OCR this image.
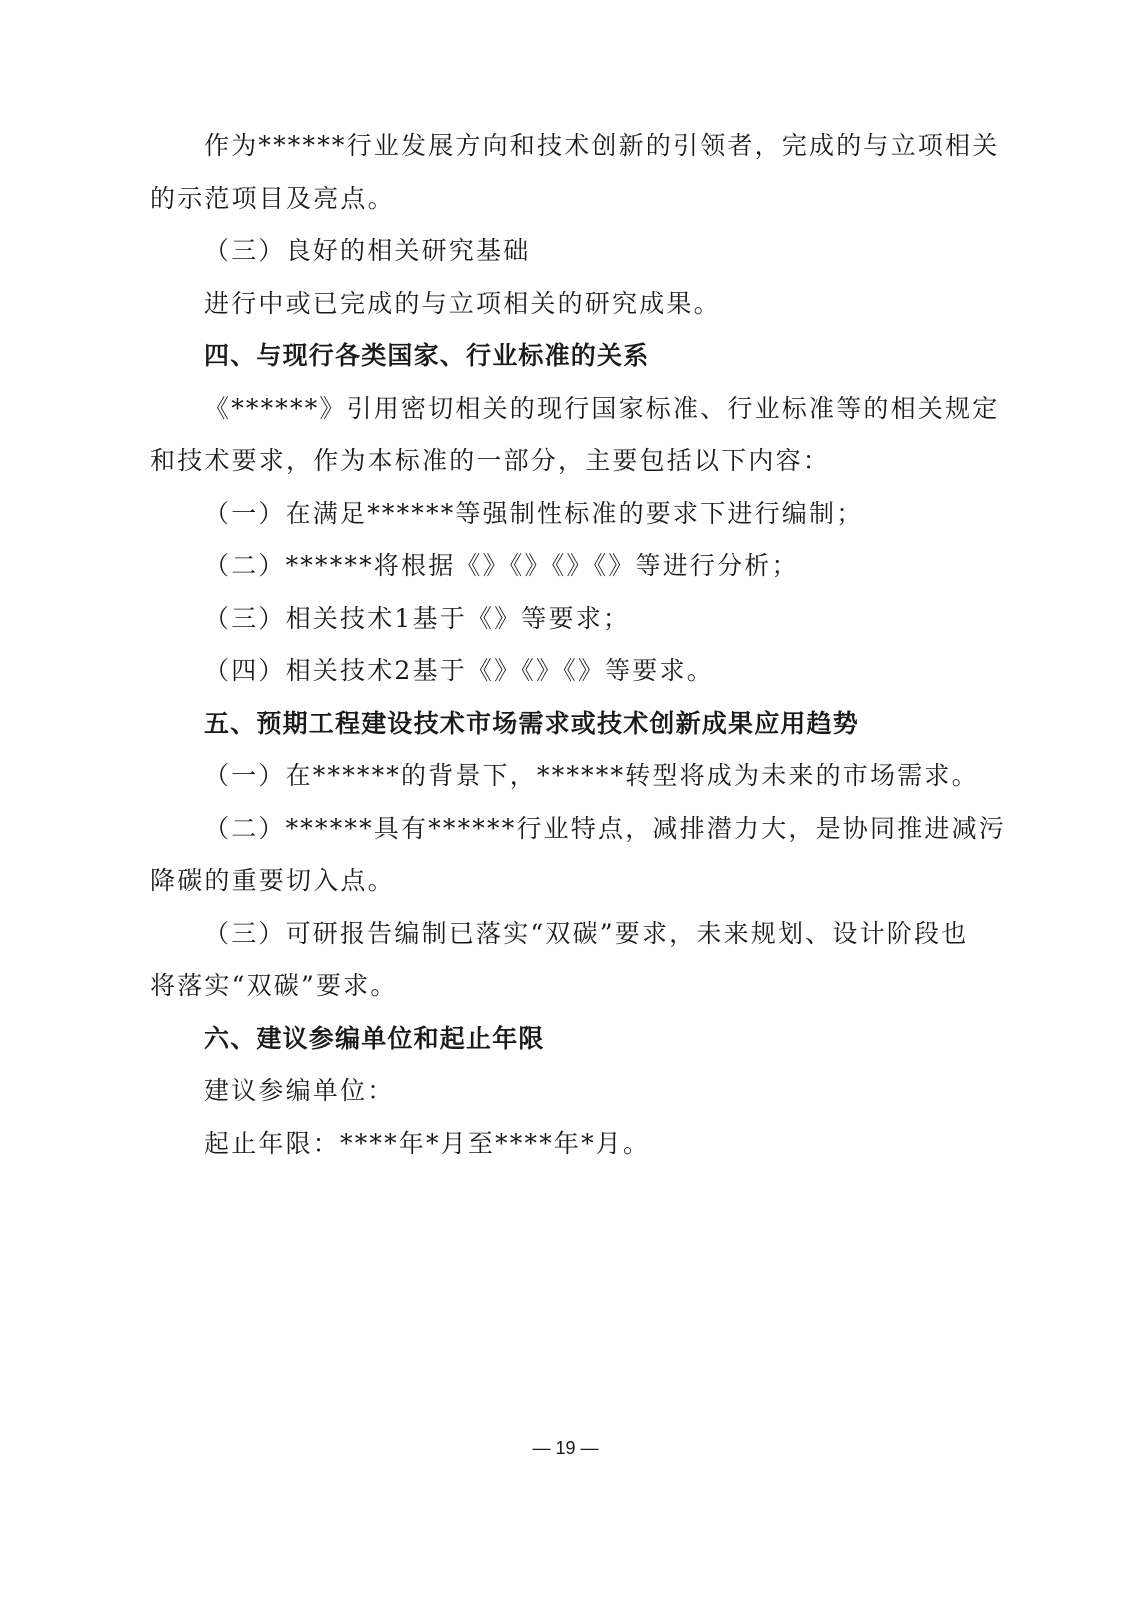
作为******行业发展方向和技术创新的引领者，完成的与立项相关
的示范项目及亮点。
（三）良好的相关研究基础
进行中或已完成的与立项相关的研究成果。
四、与现行各类国家、行业标准的关系
《******》引用密切相关的现行国家标准、行业标准等的相关规定
和技术要求，作为本标准的一部分，主要包括以下内容：
（一）在满足******等强制性标准的要求下进行编制；
（二）******将根据《》《》《》《》等进行分析；
（三）相关技术1基于《》等要求；
（四）相关技术2基于《》《》《》等要求。
五、预期工程建设技术市场需求或技术创新成果应用趋势
（一）在******的背景下，******转型将成为未来的市场需求。
（二）******具有******行业特点，减排潜力大，是协同推进减污
降碳的重要切入点。
（三）可研报告编制已落实“双碳”要求，未来规划、设计阶段也
将落实“双碳”要求。
六、建议参编单位和起止年限
建议参编单位：
起止年限：****年*月至****年*月。
— 19 —
